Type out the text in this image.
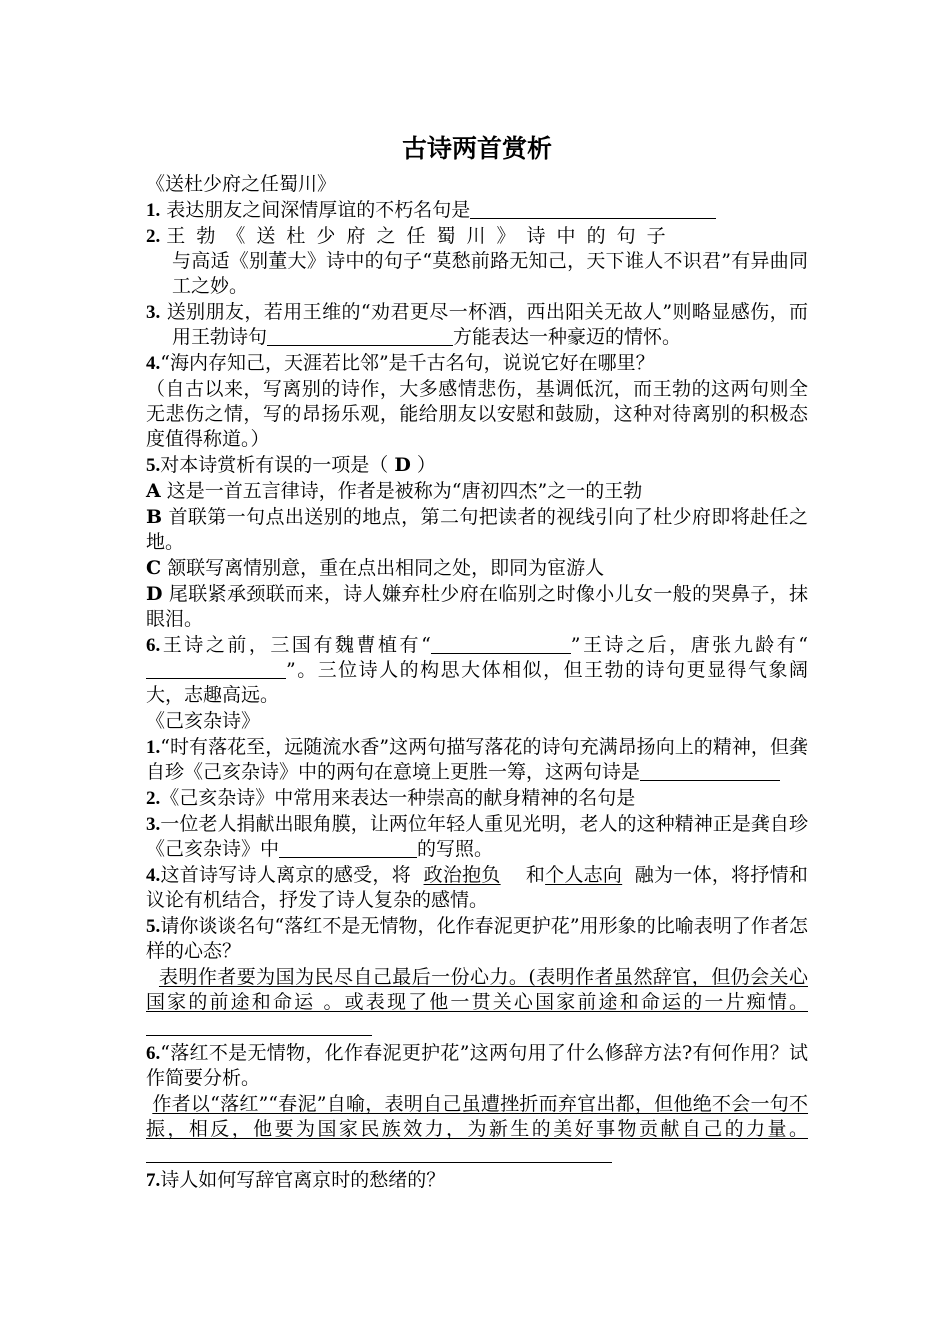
古诗两首赏析
《送杜少府之任蜀川》
1. 表达朋友之间深情厚谊的不朽名句是
2. 王勃《送杜少府之任蜀川》诗中的句子
与高适《别董大》诗中的句子“莫愁前路无知己，天下谁人不识君”有异曲同工之妙。
3. 送别朋友，若用王维的“劝君更尽一杯酒，西出阳关无故人”则略显感伤，而用王勃诗句	方能表达一种豪迈的情怀。
4.“海内存知己，天涯若比邻”是千古名句，说说它好在哪里？
（自古以来，写离别的诗作，大多感情悲伤，基调低沉，而王勃的这两句则全无悲伤之情，写的昂扬乐观，能给朋友以安慰和鼓励，这种对待离别的积极态度值得称道。）
5.对本诗赏析有误的一项是（ D ）
A 这是一首五言律诗，作者是被称为“唐初四杰”之一的王勃
B 首联第一句点出送别的地点，第二句把读者的视线引向了杜少府即将赴任之地。
C 颔联写离情别意，重在点出相同之处，即同为宦游人
D 尾联紧承颈联而来，诗人嫌弃杜少府在临别之时像小儿女一般的哭鼻子，抹眼泪。
6.王诗之前，三国有魏曹植有“	”王诗之后，唐张九龄有“”。三位诗人的构思大体相似，但王勃的诗句更显得气象阔大，志趣高远。
《己亥杂诗》
1.“时有落花至，远随流水香”这两句描写落花的诗句充满昂扬向上的精神，但龚自珍《己亥杂诗》中的两句在意境上更胜一筹，这两句诗是
2.《己亥杂诗》中常用来表达一种崇高的献身精神的名句是
3.一位老人捐献出眼角膜，让两位年轻人重见光明，老人的这种精神正是龚自珍《己亥杂诗》中	的写照。
4.这首诗写诗人离京的感受，将 政治抱负 和个人志向 融为一体，将抒情和议论有机结合，抒发了诗人复杂的感情。
5.请你谈谈名句“落红不是无情物，化作春泥更护花”用形象的比喻表明了作者怎样的心态？
表明作者要为国为民尽自己最后一份心力。(表明作者虽然辞官，但仍会关心国家的前途和命运 。或表现了他一贯关心国家前途和命运的一片痴情。
6.“落红不是无情物，化作春泥更护花”这两句用了什么修辞方法?有何作用？试作简要分析。
作者以“落红”“春泥”自喻，表明自己虽遭挫折而弃官出都，但他绝不会一句不振，相反，他要为国家民族效力，为新生的美好事物贡献自己的力量。
7.诗人如何写辞官离京时的愁绪的？
